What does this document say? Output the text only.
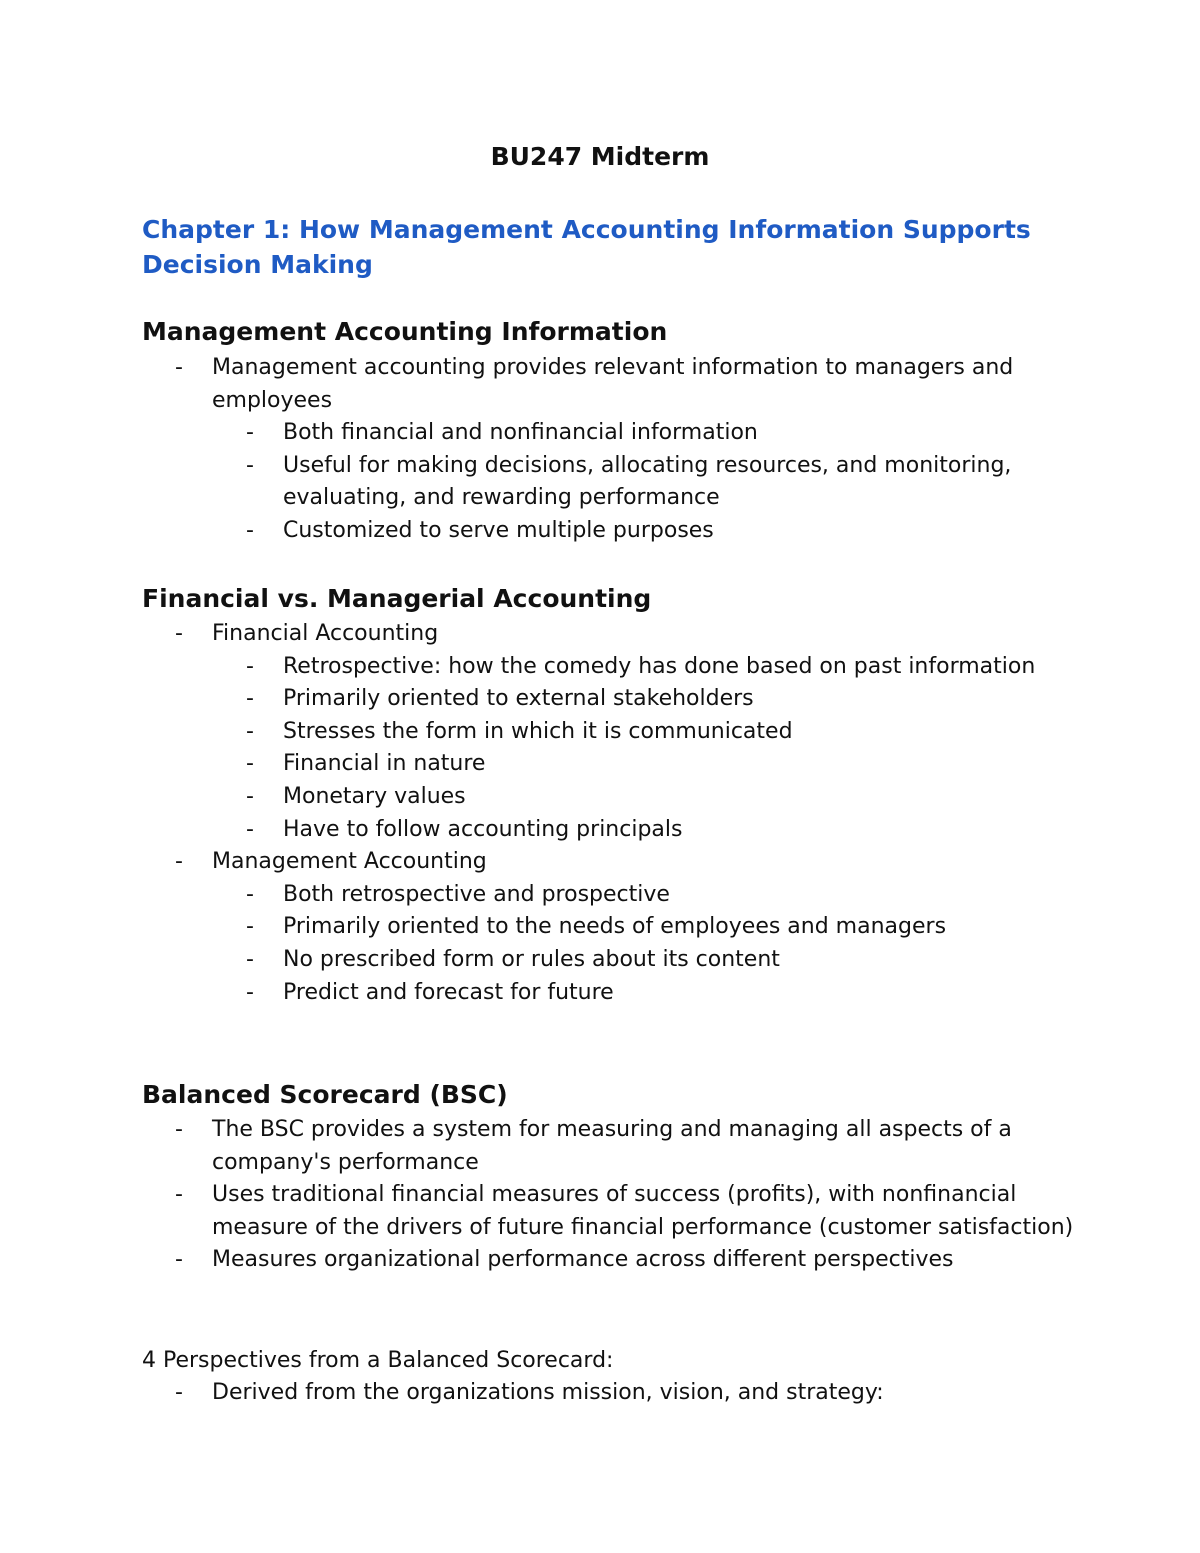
BU247 Midterm
Chapter 1: How Management Accounting Information Supports Decision Making
Management Accounting Information
- Management accounting provides relevant information to managers and employees
- Both financial and nonfinancial information
- Useful for making decisions, allocating resources, and monitoring, evaluating, and rewarding performance
- Customized to serve multiple purposes
Financial vs. Managerial Accounting
- Financial Accounting
- Retrospective: how the comedy has done based on past information
- Primarily oriented to external stakeholders
- Stresses the form in which it is communicated
- Financial in nature
- Monetary values
- Have to follow accounting principals
- Management Accounting
- Both retrospective and prospective
- Primarily oriented to the needs of employees and managers
- No prescribed form or rules about its content
- Predict and forecast for future
Balanced Scorecard (BSC)
- The BSC provides a system for measuring and managing all aspects of a company's performance
- Uses traditional financial measures of success (profits), with nonfinancial measure of the drivers of future financial performance (customer satisfaction)
- Measures organizational performance across different perspectives
4 Perspectives from a Balanced Scorecard:
- Derived from the organizations mission, vision, and strategy:
